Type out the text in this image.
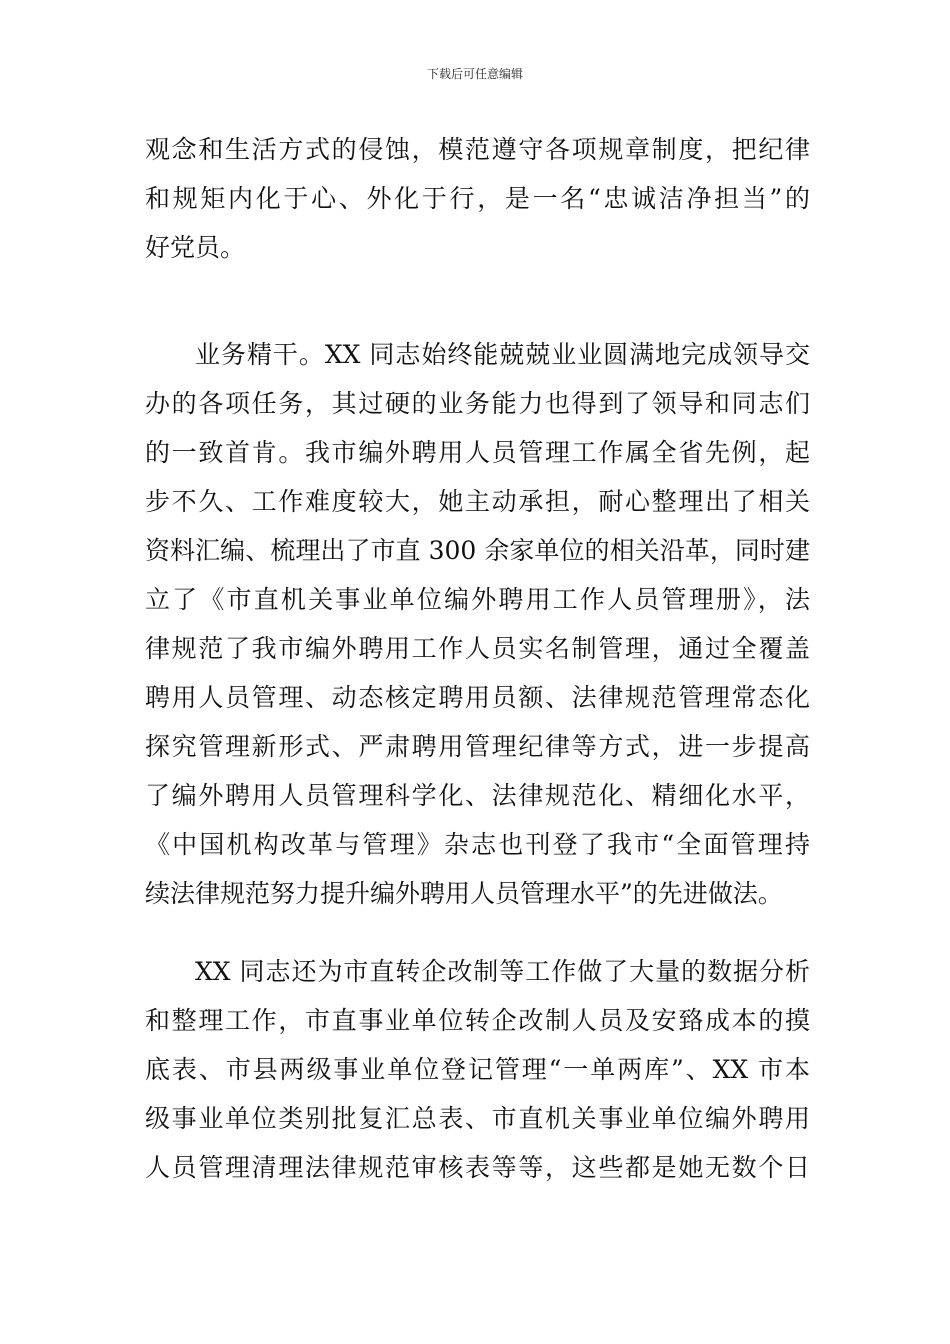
下载后可任意编辑
观念和生活方式的侵蚀，模范遵守各项规章制度，把纪律
和规矩内化于心、外化于行，是一名“忠诚洁净担当”的
好党员。
业务精干。XX 同志始终能兢兢业业圆满地完成领导交
办的各项任务，其过硬的业务能力也得到了领导和同志们
的一致首肯。我市编外聘用人员管理工作属全省先例，起
步不久、工作难度较大，她主动承担，耐心整理出了相关
资料汇编、梳理出了市直 300 余家单位的相关沿革，同时建
立了《市直机关事业单位编外聘用工作人员管理册》，法
律规范了我市编外聘用工作人员实名制管理，通过全覆盖
聘用人员管理、动态核定聘用员额、法律规范管理常态化
探究管理新形式、严肃聘用管理纪律等方式，进一步提高
了编外聘用人员管理科学化、法律规范化、精细化水平，
《中国机构改革与管理》杂志也刊登了我市“全面管理持
续法律规范努力提升编外聘用人员管理水平”的先进做法。
XX 同志还为市直转企改制等工作做了大量的数据分析
和整理工作，市直事业单位转企改制人员及安臵成本的摸
底表、市县两级事业单位登记管理“一单两库”、XX 市本
级事业单位类别批复汇总表、市直机关事业单位编外聘用
人员管理清理法律规范审核表等等，这些都是她无数个日
